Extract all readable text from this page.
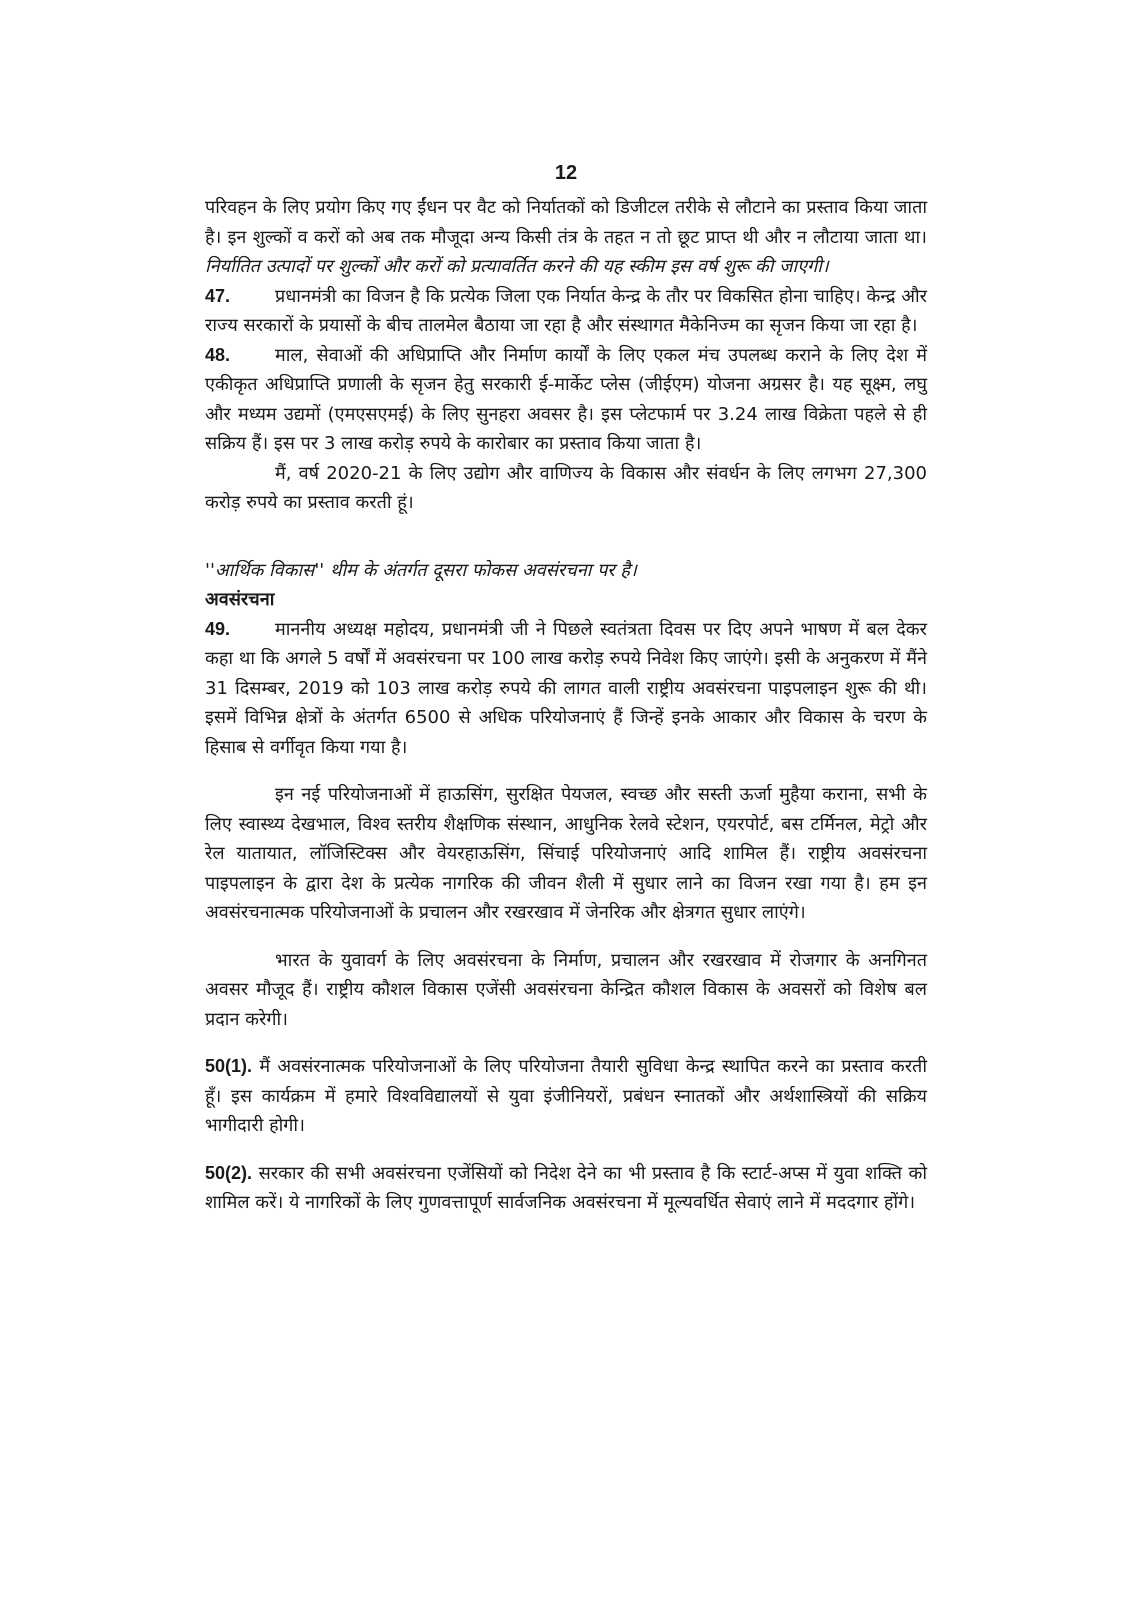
12

परिवहन के लिए प्रयोग किए गए ईंधन पर वैट को निर्यातकों को डिजीटल तरीके से लौटाने का प्रस्ताव किया जाता है। इन शुल्कों व करों को अब तक मौजूदा अन्य किसी तंत्र के तहत न तो छूट प्राप्त थी और न लौटाया जाता था। निर्यातित उत्पादों पर शुल्कों और करों को प्रत्यावर्तित करने की यह स्कीम इस वर्ष शुरू की जाएगी।

47. प्रधानमंत्री का विजन है कि प्रत्येक जिला एक निर्यात केन्द्र के तौर पर विकसित होना चाहिए। केन्द्र और राज्य सरकारों के प्रयासों के बीच तालमेल बैठाया जा रहा है और संस्थागत मैकेनिज्म का सृजन किया जा रहा है।

48. माल, सेवाओं की अधिप्राप्ति और निर्माण कार्यों के लिए एकल मंच उपलब्ध कराने के लिए देश में एकीकृत अधिप्राप्ति प्रणाली के सृजन हेतु सरकारी ई-मार्केट प्लेस (जीईएम) योजना अग्रसर है। यह सूक्ष्म, लघु और मध्यम उद्यमों (एमएसएमई) के लिए सुनहरा अवसर है। इस प्लेटफार्म पर 3.24 लाख विक्रेता पहले से ही सक्रिय हैं। इस पर 3 लाख करोड़ रुपये के कारोबार का प्रस्ताव किया जाता है।

मैं, वर्ष 2020-21 के लिए उद्योग और वाणिज्य के विकास और संवर्धन के लिए लगभग 27,300 करोड़ रुपये का प्रस्ताव करती हूं।

''आर्थिक विकास'' थीम के अंतर्गत दूसरा फोकस अवसंरचना पर है।

अवसंरचना

49. माननीय अध्यक्ष महोदय, प्रधानमंत्री जी ने पिछले स्वतंत्रता दिवस पर दिए अपने भाषण में बल देकर कहा था कि अगले 5 वर्षों में अवसंरचना पर 100 लाख करोड़ रुपये निवेश किए जाएंगे। इसी के अनुकरण में मैंने 31 दिसम्बर, 2019 को 103 लाख करोड़ रुपये की लागत वाली राष्ट्रीय अवसंरचना पाइपलाइन शुरू की थी। इसमें विभिन्न क्षेत्रों के अंतर्गत 6500 से अधिक परियोजनाएं हैं जिन्हें इनके आकार और विकास के चरण के हिसाब से वर्गीवृत किया गया है।

इन नई परियोजनाओं में हाऊसिंग, सुरक्षित पेयजल, स्वच्छ और सस्ती ऊर्जा मुहैया कराना, सभी के लिए स्वास्थ्य देखभाल, विश्व स्तरीय शैक्षणिक संस्थान, आधुनिक रेलवे स्टेशन, एयरपोर्ट, बस टर्मिनल, मेट्रो और रेल यातायात, लॉजिस्टिक्स और वेयरहाऊसिंग, सिंचाई परियोजनाएं आदि शामिल हैं। राष्ट्रीय अवसंरचना पाइपलाइन के द्वारा देश के प्रत्येक नागरिक की जीवन शैली में सुधार लाने का विजन रखा गया है। हम इन अवसंरचनात्मक परियोजनाओं के प्रचालन और रखरखाव में जेनरिक और क्षेत्रगत सुधार लाएंगे।

भारत के युवावर्ग के लिए अवसंरचना के निर्माण, प्रचालन और रखरखाव में रोजगार के अनगिनत अवसर मौजूद हैं। राष्ट्रीय कौशल विकास एजेंसी अवसंरचना केन्द्रित कौशल विकास के अवसरों को विशेष बल प्रदान करेगी।

50(1). मैं अवसंरनात्मक परियोजनाओं के लिए परियोजना तैयारी सुविधा केन्द्र स्थापित करने का प्रस्ताव करती हूँ। इस कार्यक्रम में हमारे विश्वविद्यालयों से युवा इंजीनियरों, प्रबंधन स्नातकों और अर्थशास्त्रियों की सक्रिय भागीदारी होगी।

50(2). सरकार की सभी अवसंरचना एजेंसियों को निदेश देने का भी प्रस्ताव है कि स्टार्ट-अप्स में युवा शक्ति को शामिल करें। ये नागरिकों के लिए गुणवत्तापूर्ण सार्वजनिक अवसंरचना में मूल्यवर्धित सेवाएं लाने में मददगार होंगे।
